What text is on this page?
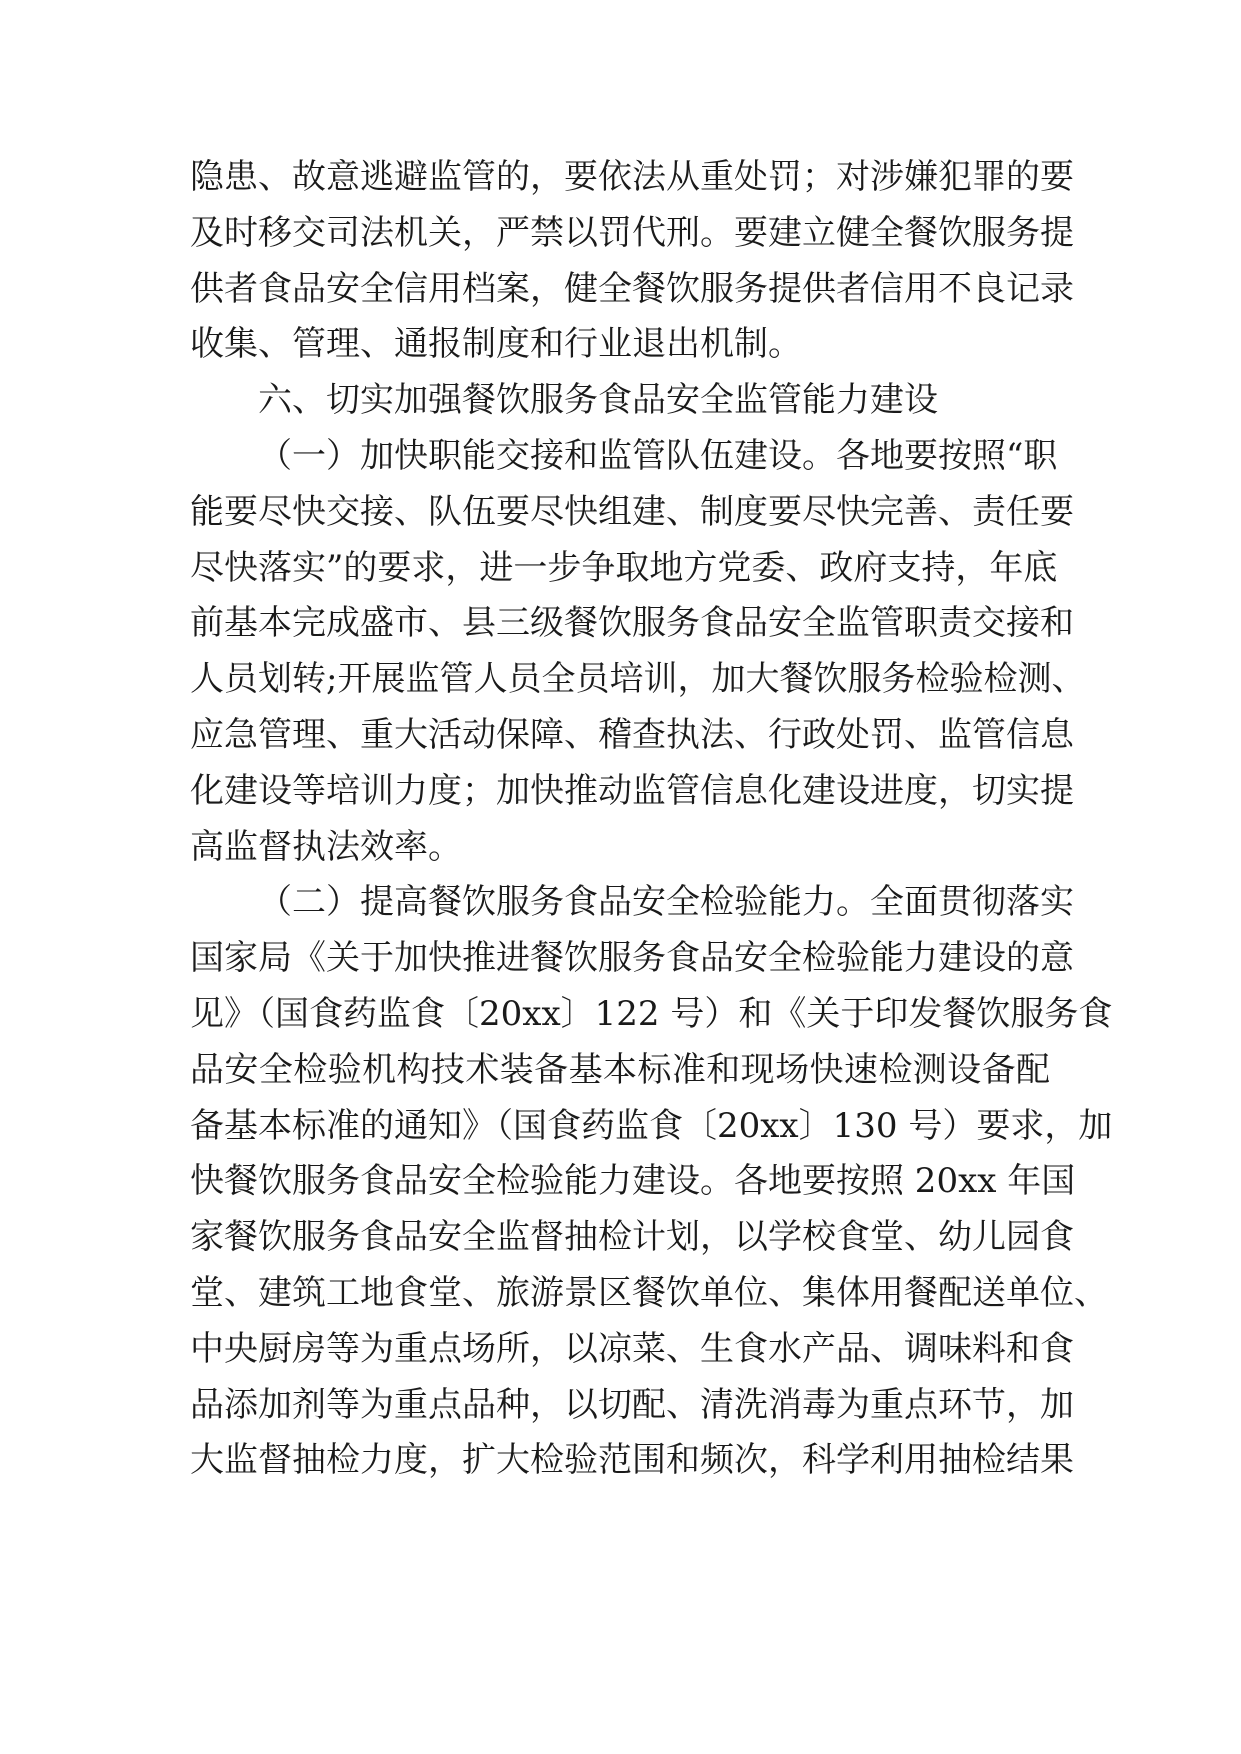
隐患、故意逃避监管的，要依法从重处罚；对涉嫌犯罪的要
及时移交司法机关，严禁以罚代刑。要建立健全餐饮服务提
供者食品安全信用档案，健全餐饮服务提供者信用不良记录
收集、管理、通报制度和行业退出机制。
六、切实加强餐饮服务食品安全监管能力建设
（一）加快职能交接和监管队伍建设。各地要按照“职
能要尽快交接、队伍要尽快组建、制度要尽快完善、责任要
尽快落实”的要求，进一步争取地方党委、政府支持，年底
前基本完成盛市、县三级餐饮服务食品安全监管职责交接和
人员划转;开展监管人员全员培训，加大餐饮服务检验检测、
应急管理、重大活动保障、稽查执法、行政处罚、监管信息
化建设等培训力度；加快推动监管信息化建设进度，切实提
高监督执法效率。
（二）提高餐饮服务食品安全检验能力。全面贯彻落实
国家局《关于加快推进餐饮服务食品安全检验能力建设的意
见》（国食药监食〔20xx〕122 号）和《关于印发餐饮服务食
品安全检验机构技术装备基本标准和现场快速检测设备配
备基本标准的通知》（国食药监食〔20xx〕130 号）要求，加
快餐饮服务食品安全检验能力建设。各地要按照 20xx 年国
家餐饮服务食品安全监督抽检计划，以学校食堂、幼儿园食
堂、建筑工地食堂、旅游景区餐饮单位、集体用餐配送单位、
中央厨房等为重点场所，以凉菜、生食水产品、调味料和食
品添加剂等为重点品种，以切配、清洗消毒为重点环节，加
大监督抽检力度，扩大检验范围和频次，科学利用抽检结果
